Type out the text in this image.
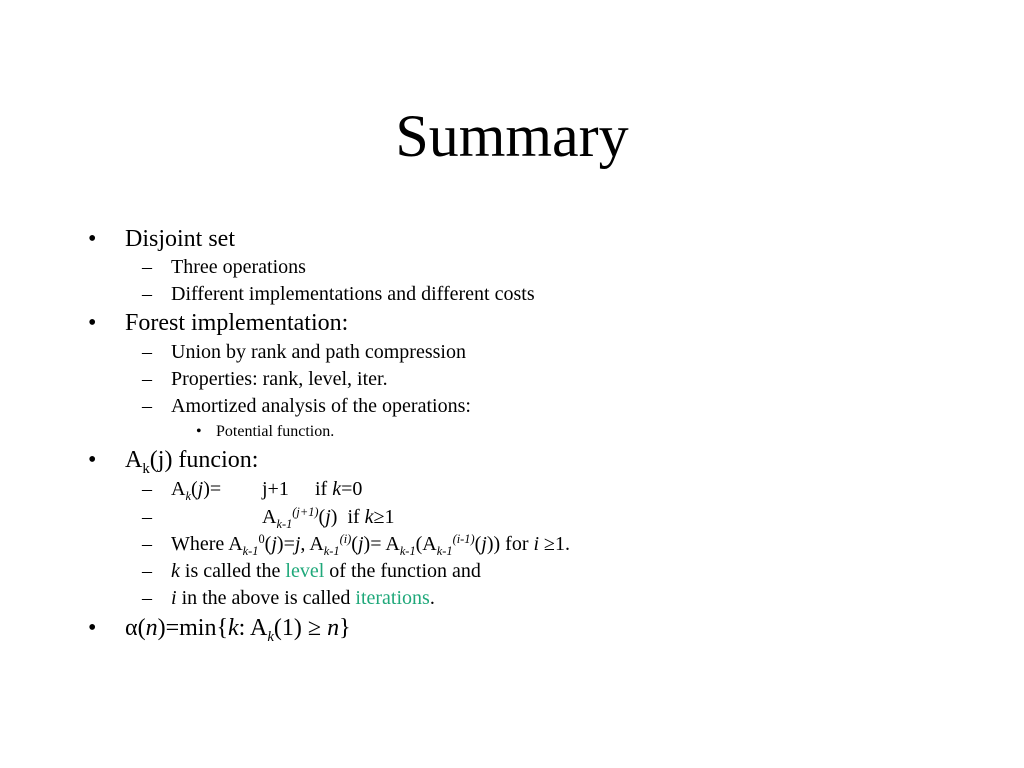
Summary
• Disjoint set
– Three operations
– Different implementations and different costs
• Forest implementation:
– Union by rank and path compression
– Properties: rank, level, iter.
– Amortized analysis of the operations:
• Potential function.
• $A_k(j)$ funcion:
– $A_k(j)= j+1$ if k=0
–	$A_{k-1}^{(j+1)}(j)$ if k≥1
– Where $A_{k-1}^0(j)=j$, $A_{k-1}^{(i)}(j)= A_{k-1}(A_{k-1}^{(i-1)}(j))$ for i ≥1.
– k is called the level of the function and
– i in the above is called iterations.
• α(n)=min{k: $A_k(1) \ge n$}
